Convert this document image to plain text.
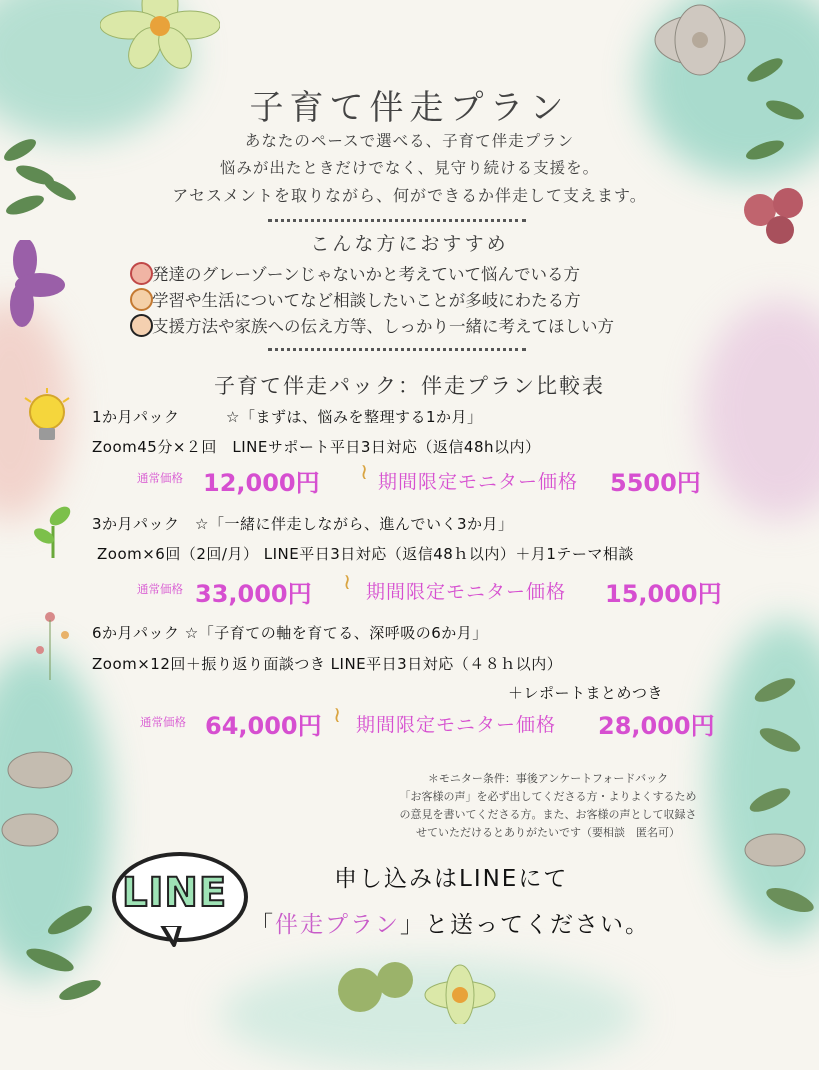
子育て伴走プラン
あなたのペースで選べる、子育て伴走プラン
悩みが出たときだけでなく、見守り続ける支援を。
アセスメントを取りながら、何ができるか伴走して支えます。
こんな方におすすめ
発達のグレーゾーンじゃないかと考えていて悩んでいる方
学習や生活についてなど相談したいことが多岐にわたる方
支援方法や家族への伝え方等、しっかり一緒に考えてほしい方
子育て伴走パック：伴走プラン比較表
1か月パック　　　☆「まずは、悩みを整理する1か月」
Zoom45分×２回　LINEサポート平日3日対応（返信48h以内）
通常価格 12,000円 ≀ 期間限定モニター価格 5500円
3か月パック　☆「一緒に伴走しながら、進んでいく3か月」
Zoom×6回（2回/月） LINE平日3日対応（返信48ｈ以内）＋月1テーマ相談
通常価格 33,000円 ≀ 期間限定モニター価格 15,000円
6か月パック ☆「子育ての軸を育てる、深呼吸の6か月」
Zoom×12回＋振り返り面談つき LINE平日3日対応（４８ｈ以内）
＋レポートまとめつき
通常価格 64,000円 ≀ 期間限定モニター価格 28,000円
＊モニター条件：事後アンケートフォードバック
「お客様の声」を必ず出してくださる方・よりよくするため
の意見を書いてくださる方。また、お客様の声として収録さ
せていただけるとありがたいです（要相談　匿名可）
LINE	申し込みはLINEにて
「伴走プラン」と送ってください。
